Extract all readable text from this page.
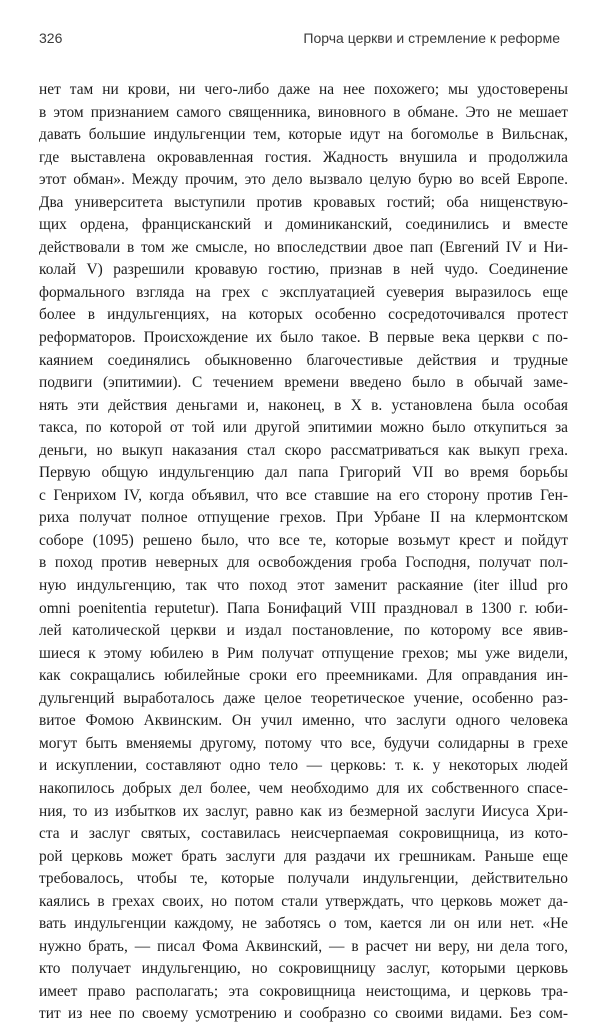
326	Порча церкви и стремление к реформе
нет там ни крови, ни чего-либо даже на нее похожего; мы удостоверены
в этом признанием самого священника, виновного в обмане. Это не мешает
давать большие индульгенции тем, которые идут на богомолье в Вильснак,
где выставлена окровавленная гостия. Жадность внушила и продолжила
этот обман». Между прочим, это дело вызвало целую бурю во всей Европе.
Два университета выступили против кровавых гостий; оба нищенствую-
щих ордена, францисканский и доминиканский, соединились и вместе
действовали в том же смысле, но впоследствии двое пап (Евгений IV и Ни-
колай V) разрешили кровавую гостию, признав в ней чудо. Соединение
формального взгляда на грех с эксплуатацией суеверия выразилось еще
более в индульгенциях, на которых особенно сосредоточивался протест
реформаторов. Происхождение их было такое. В первые века церкви с по-
каянием соединялись обыкновенно благочестивые действия и трудные
подвиги (эпитимии). С течением времени введено было в обычай заме-
нять эти действия деньгами и, наконец, в X в. установлена была особая
такса, по которой от той или другой эпитимии можно было откупиться за
деньги, но выкуп наказания стал скоро рассматриваться как выкуп греха.
Первую общую индульгенцию дал папа Григорий VII во время борьбы
с Генрихом IV, когда объявил, что все ставшие на его сторону против Ген-
риха получат полное отпущение грехов. При Урбане II на клермонтском
соборе (1095) решено было, что все те, которые возьмут крест и пойдут
в поход против неверных для освобождения гроба Господня, получат пол-
ную индульгенцию, так что поход этот заменит раскаяние (iter illud pro
omni poenitentia reputetur). Папа Бонифаций VIII праздновал в 1300 г. юби-
лей католической церкви и издал постановление, по которому все явив-
шиеся к этому юбилею в Рим получат отпущение грехов; мы уже видели,
как сокращались юбилейные сроки его преемниками. Для оправдания ин-
дульгенций выработалось даже целое теоретическое учение, особенно раз-
витое Фомою Аквинским. Он учил именно, что заслуги одного человека
могут быть вменяемы другому, потому что все, будучи солидарны в грехе
и искуплении, составляют одно тело — церковь: т. к. у некоторых людей
накопилось добрых дел более, чем необходимо для их собственного спасе-
ния, то из избытков их заслуг, равно как из безмерной заслуги Иисуса Хри-
ста и заслуг святых, составилась неисчерпаемая сокровищница, из кото-
рой церковь может брать заслуги для раздачи их грешникам. Раньше еще
требовалось, чтобы те, которые получали индульгенции, действительно
каялись в грехах своих, но потом стали утверждать, что церковь может да-
вать индульгенции каждому, не заботясь о том, кается ли он или нет. «Не
нужно брать, — писал Фома Аквинский, — в расчет ни веру, ни дела того,
кто получает индульгенцию, но сокровищницу заслуг, которыми церковь
имеет право располагать; эта сокровищница неистощима, и церковь тра-
тит из нее по своему усмотрению и сообразно со своими видами. Без сом-
